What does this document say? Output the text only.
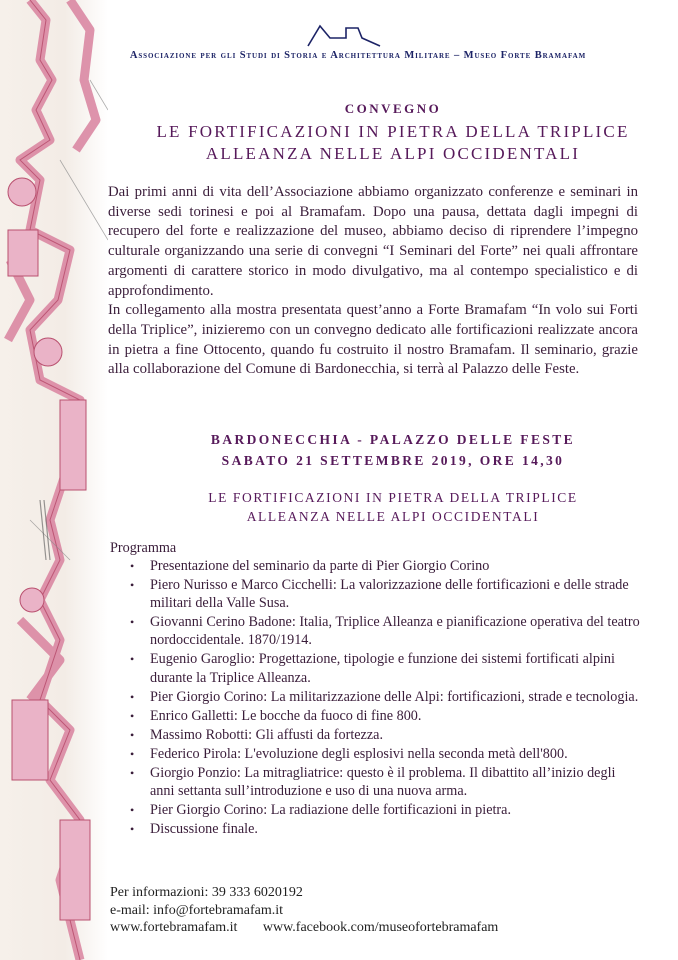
Associazione per gli Studi di Storia e Architettura Militare – Museo Forte Bramafam
CONVEGNO
LE FORTIFICAZIONI IN PIETRA DELLA TRIPLICE
ALLEANZA NELLE ALPI OCCIDENTALI

Dai primi anni di vita dell’Associazione abbiamo organizzato conferenze e seminari in diverse sedi torinesi e poi al Bramafam. Dopo una pausa, dettata dagli impegni di recupero del forte e realizzazione del museo, abbiamo deciso di riprendere l’impegno culturale organizzando una serie di convegni “I Seminari del Forte” nei quali affrontare argomenti di carattere storico in modo divulgativo, ma al contempo specialistico e di approfondimento.

In collegamento alla mostra presentata quest’anno a Forte Bramafam “In volo sui Forti della Triplice”, inizieremo con un convegno dedicato alle fortificazioni realizzate ancora in pietra a fine Ottocento, quando fu costruito il nostro Bramafam. Il seminario, grazie alla collaborazione del Comune di Bardonecchia, si terrà al Palazzo delle Feste.

BARDONECCHIA - PALAZZO DELLE FESTE
SABATO 21 SETTEMBRE 2019, ORE 14,30
LE FORTIFICAZIONI IN PIETRA DELLA TRIPLICE
ALLEANZA NELLE ALPI OCCIDENTALI
Programma
• Presentazione del seminario da parte di Pier Giorgio Corino
• Piero Nurisso e Marco Cicchelli: La valorizzazione delle fortificazioni e delle strade militari della Valle Susa.
• Giovanni Cerino Badone: Italia, Triplice Alleanza e pianificazione operativa del teatro nordoccidentale. 1870/1914.
• Eugenio Garoglio: Progettazione, tipologie e funzione dei sistemi fortificati alpini durante la Triplice Alleanza.
• Pier Giorgio Corino: La militarizzazione delle Alpi: fortificazioni, strade e tecnologia.
• Enrico Galletti: Le bocche da fuoco di fine 800.
• Massimo Robotti: Gli affusti da fortezza.
• Federico Pirola: L'evoluzione degli esplosivi nella seconda metà dell'800.
• Giorgio Ponzio: La mitragliatrice: questo è il problema. Il dibattito all’inizio degli anni settanta sull’introduzione e uso di una nuova arma.
• Pier Giorgio Corino: La radiazione delle fortificazioni in pietra.
• Discussione finale.
Per informazioni: 39 333 6020192
e-mail: info@fortebramafam.it
www.fortebramafam.it www.facebook.com/museofortebramafam
